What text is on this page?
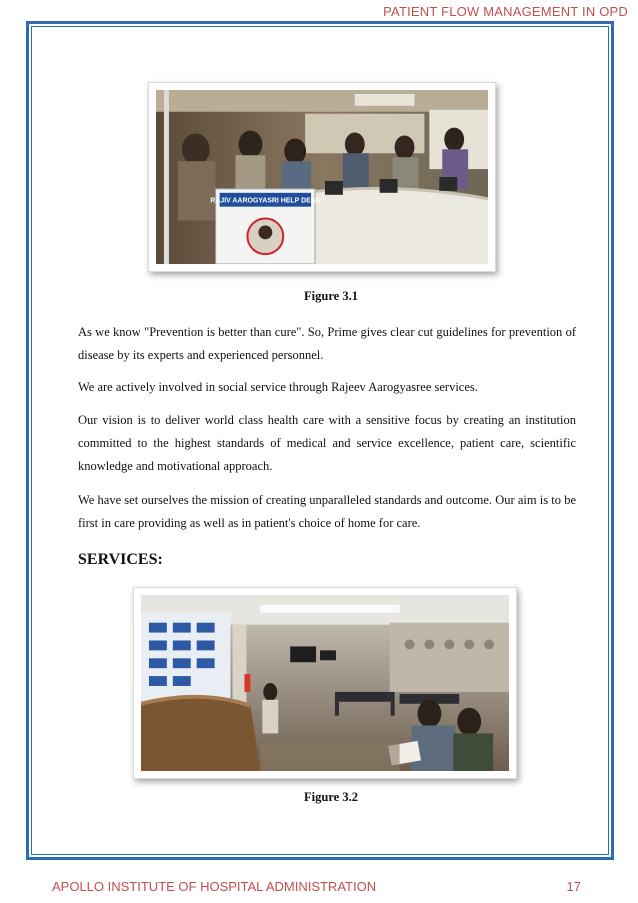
PATIENT FLOW MANAGEMENT IN OPD
RAJIV AAROGYASRI HELP DESK
Figure 3.1

As we know "Prevention is better than cure". So, Prime gives clear cut guidelines for prevention of disease by its experts and experienced personnel.

We are actively involved in social service through Rajeev Aarogyasree services.

Our vision is to deliver world class health care with a sensitive focus by creating an institution committed to the highest standards of medical and service excellence, patient care, scientific knowledge and motivational approach.

We have set ourselves the mission of creating unparalleled standards and outcome. Our aim is to be first in care providing as well as in patient's choice of home for care.

SERVICES:
Figure 3.2
APOLLO INSTITUTE OF HOSPITAL ADMINISTRATION	17
